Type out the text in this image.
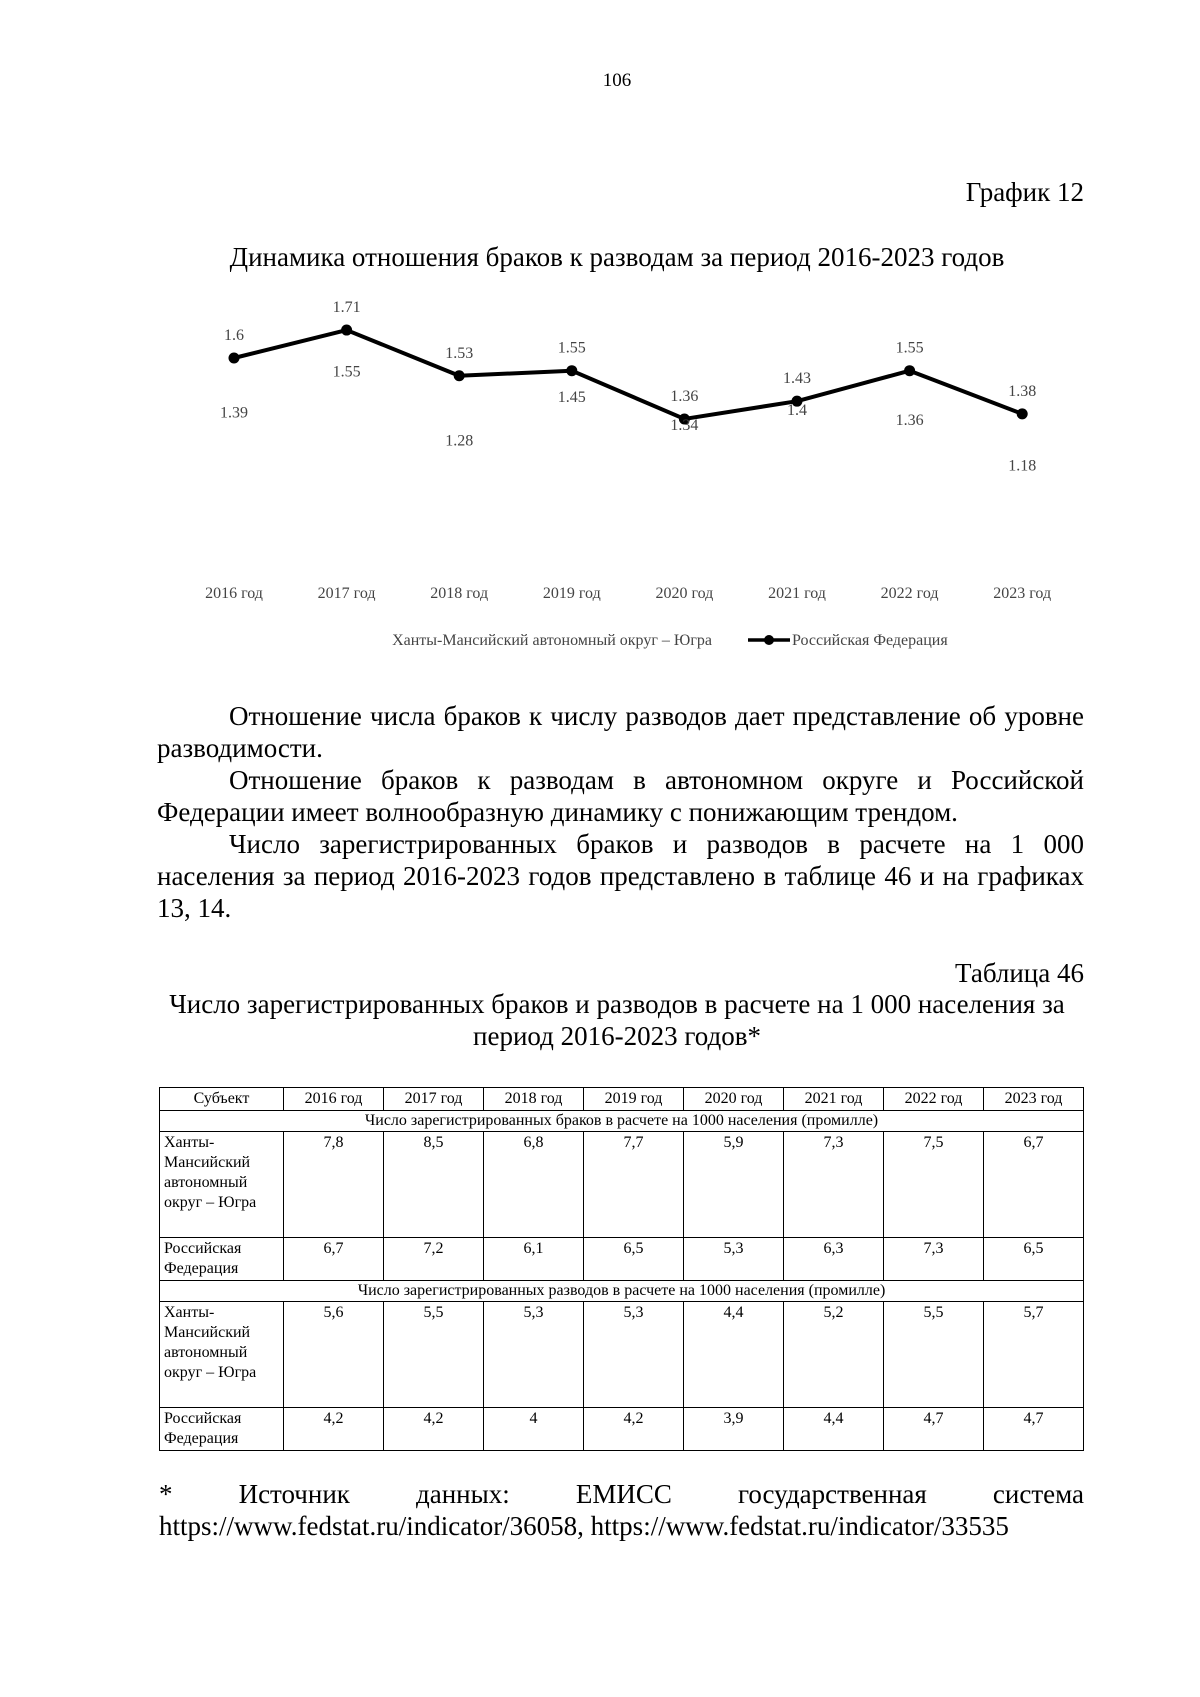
106
График 12
Динамика отношения браков к разводам за период 2016-2023 годов
1.39
1.55
1.28
1.45
1.34
1.4
1.36
1.18
1.6
1.71
1.53	1.55
1.36
1.43
1.55
1.38
2016 год	2017 год	2018 год	2019 год	2020 год	2021 год	2022 год	2023 год
Ханты-Мансийский автономный округ – Югра	Российская Федерация

Отношение числа браков к числу разводов дает представление об уровне разводимости.

Отношение браков к разводам в автономном округе и Российской Федерации имеет волнообразную динамику с понижающим трендом.

Число зарегистрированных браков и разводов в расчете на 1 000 населения за период 2016-2023 годов представлено в таблице 46 и на графиках 13, 14.

Таблица 46
Число зарегистрированных браков и разводов в расчете на 1 000 населения за период 2016-2023 годов*
Субъект	2016 год	2017 год	2018 год	2019 год	2020 год	2021 год	2022 год	2023 год
Число зарегистрированных браков в расчете на 1000 населения (промилле)								
Ханты-Мансийский автономный округ – Югра	7,8	8,5	6,8	7,7	5,9	7,3	7,5	6,7
Российская Федерация	6,7	7,2	6,1	6,5	5,3	6,3	7,3	6,5
Число зарегистрированных разводов в расчете на 1000 населения (промилле)								
Ханты-Мансийский автономный округ – Югра	5,6	5,5	5,3	5,3	4,4	5,2	5,5	5,7
Российская Федерация	4,2	4,2	4	4,2	3,9	4,4	4,7	4,7
* Источник данных: ЕМИСС государственная система
https://www.fedstat.ru/indicator/36058, https://www.fedstat.ru/indicator/33535
